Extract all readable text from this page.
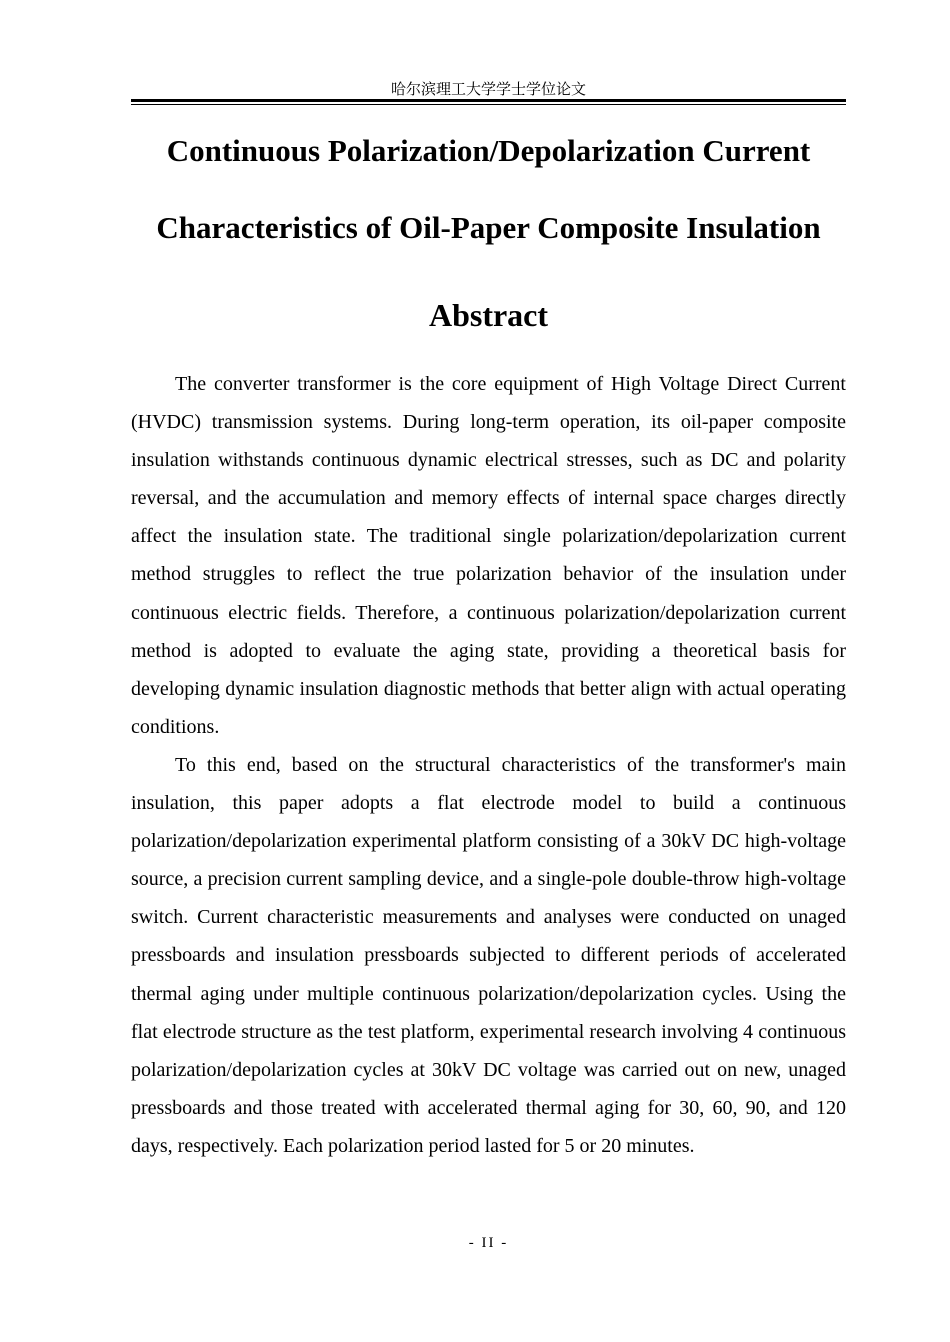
哈尔滨理工大学学士学位论文
Continuous Polarization/Depolarization Current
Characteristics of Oil-Paper Composite Insulation
Abstract

The converter transformer is the core equipment of High Voltage Direct Current (HVDC) transmission systems. During long-term operation, its oil-paper composite insulation withstands continuous dynamic electrical stresses, such as DC and polarity reversal, and the accumulation and memory effects of internal space charges directly affect the insulation state. The traditional single polarization/depolarization current method struggles to reflect the true polarization behavior of the insulation under continuous electric fields. Therefore, a continuous polarization/depolarization current method is adopted to evaluate the aging state, providing a theoretical basis for developing dynamic insulation diagnostic methods that better align with actual operating conditions.

To this end, based on the structural characteristics of the transformer's main insulation, this paper adopts a flat electrode model to build a continuous polarization/depolarization experimental platform consisting of a 30kV DC high-voltage source, a precision current sampling device, and a single-pole double-throw high-voltage switch. Current characteristic measurements and analyses were conducted on unaged pressboards and insulation pressboards subjected to different periods of accelerated thermal aging under multiple continuous polarization/depolarization cycles. Using the flat electrode structure as the test platform, experimental research involving 4 continuous polarization/depolarization cycles at 30kV DC voltage was carried out on new, unaged pressboards and those treated with accelerated thermal aging for 30, 60, 90, and 120 days, respectively. Each polarization period lasted for 5 or 20 minutes.

- II -
